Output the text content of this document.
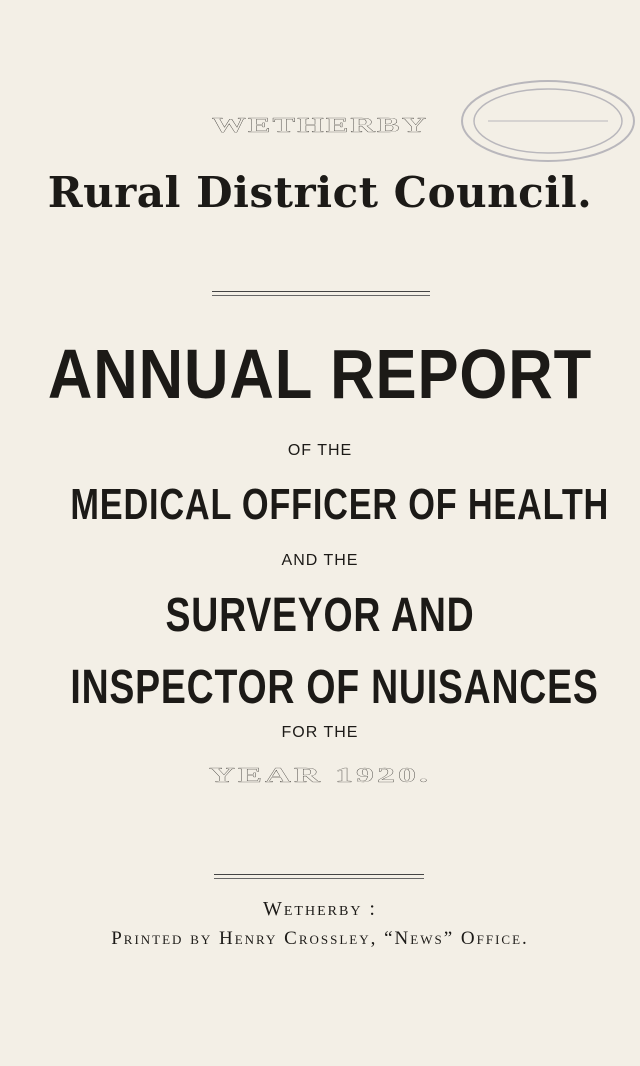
WETHERBY
Rural District Council.
ANNUAL REPORT
OF THE
MEDICAL OFFICER OF HEALTH
AND THE
SURVEYOR AND
INSPECTOR OF NUISANCES
FOR THE
YEAR 1920.
Wetherby :
Printed by Henry Crossley, “News” Office.
